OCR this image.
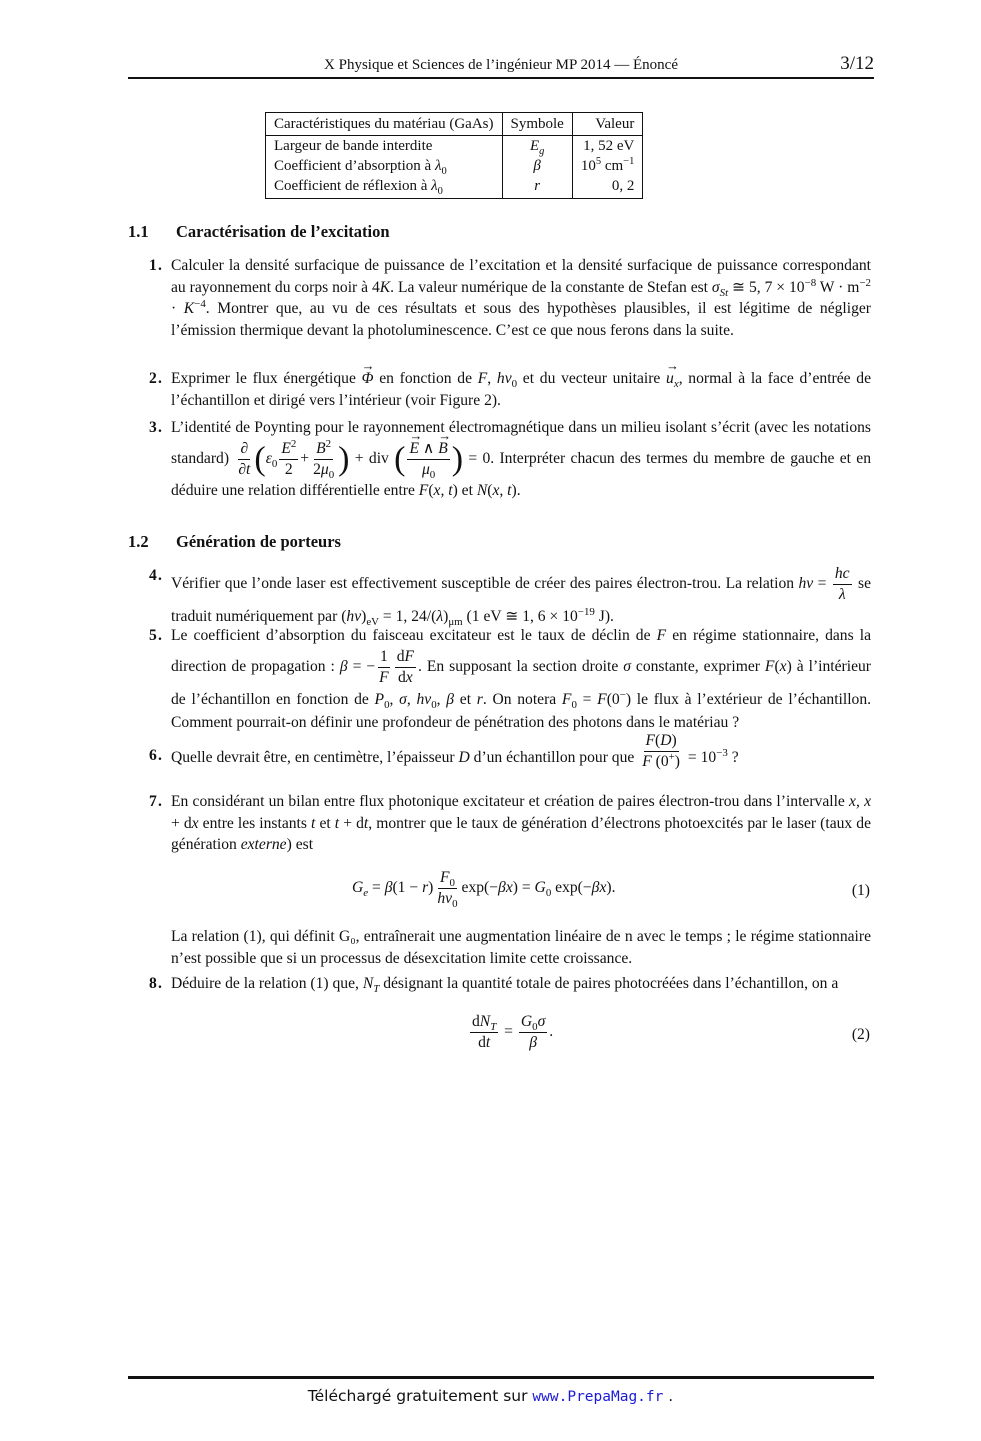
X Physique et Sciences de l’ingénieur MP 2014 — Énoncé	3/12
Caractéristiques du matériau (GaAs)	Symbole	Valeur
Largeur de bande interdite	$E_g$	1, 52 eV
Coefficient d’absorption à $\lambda_0$	β	$10^5$ $cm^{-1}$
Coefficient de réflexion à $\lambda_0$	r	0, 2
1.1 Caractérisation de l’excitation
1 . Calculer la densité surfacique de puissance de l’excitation et la densité surfacique de puissance correspondant au rayonnement du corps noir à 4K. La valeur numérique de la constante de Stefan est $\sigma_{St}$ ≅ 5, $7 \times 10^{-8}$ $W \cdot m^{-2} \cdot K^{-4}$. Montrer que, au vu de ces résultats et sous des hypothèses plausibles, il est légitime de négliger l’émission thermique devant la photoluminescence. C’est ce que nous ferons dans la suite.
2 . Exprimer le flux énergétique → Φ en fonction de F, $h\nu_0$ et du vecteur unitaire → $u_x$, normal à la face d’entrée de l’échantillon et dirigé vers l’intérieur (voir Figure 2).
3 . L’identité de Poynting pour le rayonnement électromagnétique dans un milieu isolant s’écrit (avec les notations standard) $\frac{\partial}{\partial t} (\varepsilon_0 \frac{E^2}{2} + \frac{B^2}{2\mu_0}$ ) + div ( → $\frac{E \wedge \to B}{\mu_0}$ ) = 0. Interpréter chacun des termes du membre de gauche et en déduire une relation différentielle entre F(x, t) et N(x, t).
1.2 Génération de porteurs
4 . Vérifier que l’onde laser est effectivement susceptible de créer des paires électron-trou. La relation $h\nu = \frac{hc}{\lambda}$ se traduit numériquement par $(h\nu)_{eV} = 1$, $24/(\lambda)_{\mu m}$ (1 eV ≅ 1, $6 \times 10^{-19}$ J).
5 . Le coefficient d’absorption du faisceau excitateur est le taux de déclin de F en régime stationnaire, dans la direction de propagation : β = − $\frac{1}{F} \frac{dF}{dx}$ . En supposant la section droite σ constante, exprimer F(x) à l’intérieur de l’échantillon en fonction de $P_0$, σ, $h\nu_0$, β et r. On notera $F_0 = F(0^-)$ le flux à l’extérieur de l’échantillon. Comment pourrait-on définir une profondeur de pénétration des photons dans le matériau ?
6 . Quelle devrait être, en centimètre, l’épaisseur D d’un échantillon pour que $\frac{F(D)}{F (0^+)} = 10^{-3}$ ?
7 . En considérant un bilan entre flux photonique excitateur et création de paires électron-trou dans l’intervalle x, x + dx entre les instants t et t + dt, montrer que le taux de génération d’électrons photoexcités par le laser (taux de génération externe) est
$G_e = \beta(1 - r) \frac{F_0}{h\nu_0} \exp(-\beta x) = G_0$ exp(−βx).	(1)
La relation (1), qui définit G₀, entraînerait une augmentation linéaire de n avec le temps ; le régime stationnaire n’est possible que si un processus de désexcitation limite cette croissance.
8 . Déduire de la relation (1) que, $N_T$ désignant la quantité totale de paires photocréées dans l’échantillon, on a
$\frac{dN_T}{dt} = \frac{G_0\sigma}{\beta}$ .	(2)
Téléchargé gratuitement sur www.PrepaMag.fr .
